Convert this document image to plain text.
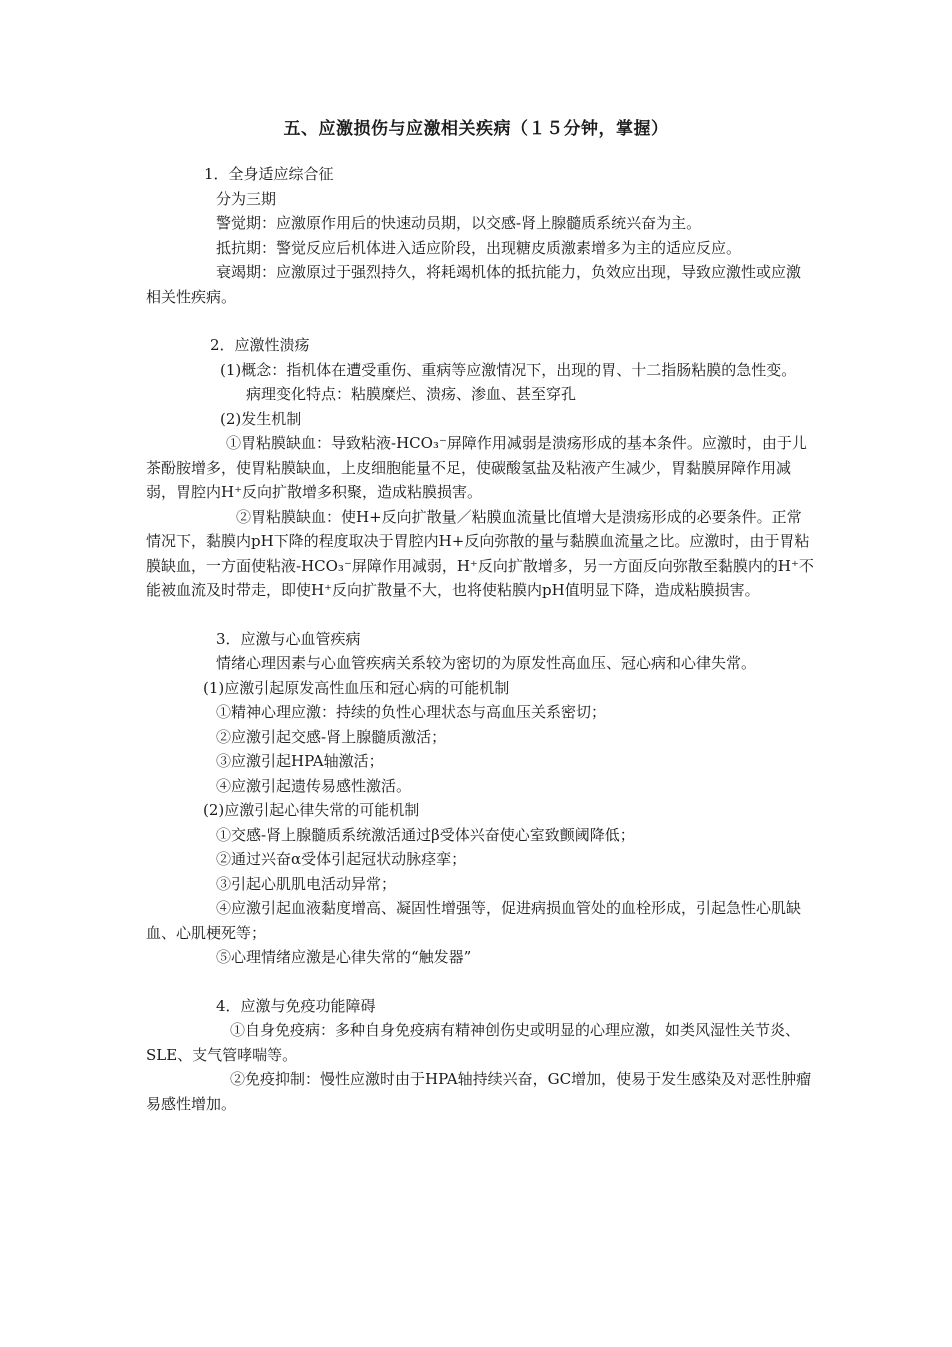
五、应激损伤与应激相关疾病（１５分钟，掌握）

1．全身适应综合征

分为三期

警觉期：应激原作用后的快速动员期，以交感-肾上腺髓质系统兴奋为主。

抵抗期：警觉反应后机体进入适应阶段，出现糖皮质激素增多为主的适应反应。

衰竭期：应激原过于强烈持久，将耗竭机体的抵抗能力，负效应出现，导致应激性或应激相关性疾病。

2．应激性溃疡

(1)概念：指机体在遭受重伤、重病等应激情况下，出现的胃、十二指肠粘膜的急性变。

病理变化特点：粘膜糜烂、溃疡、渗血、甚至穿孔

(2)发生机制

①胃粘膜缺血：导致粘液-HCO₃⁻屏障作用减弱是溃疡形成的基本条件。应激时，由于儿茶酚胺增多，使胃粘膜缺血，上皮细胞能量不足，使碳酸氢盐及粘液产生减少，胃黏膜屏障作用减弱，胃腔内H⁺反向扩散增多积聚，造成粘膜损害。

②胃粘膜缺血：使H+反向扩散量／粘膜血流量比值增大是溃疡形成的必要条件。正常情况下，黏膜内pH下降的程度取决于胃腔内H+反向弥散的量与黏膜血流量之比。应激时，由于胃粘膜缺血，一方面使粘液-HCO₃⁻屏障作用减弱，H⁺反向扩散增多，另一方面反向弥散至黏膜内的H⁺不能被血流及时带走，即使H⁺反向扩散量不大，也将使粘膜内pH值明显下降，造成粘膜损害。

3．应激与心血管疾病

情绪心理因素与心血管疾病关系较为密切的为原发性高血压、冠心病和心律失常。

(1)应激引起原发高性血压和冠心病的可能机制

①精神心理应激：持续的负性心理状态与高血压关系密切；

②应激引起交感-肾上腺髓质激活；

③应激引起HPA轴激活；

④应激引起遗传易感性激活。

(2)应激引起心律失常的可能机制

①交感-肾上腺髓质系统激活通过β受体兴奋使心室致颤阈降低；

②通过兴奋α受体引起冠状动脉痉挛；

③引起心肌肌电活动异常；

④应激引起血液黏度增高、凝固性增强等，促进病损血管处的血栓形成，引起急性心肌缺血、心肌梗死等；

⑤心理情绪应激是心律失常的“触发器”

4．应激与免疫功能障碍

①自身免疫病：多种自身免疫病有精神创伤史或明显的心理应激，如类风湿性关节炎、SLE、支气管哮喘等。

②免疫抑制：慢性应激时由于HPA轴持续兴奋，GC增加，使易于发生感染及对恶性肿瘤易感性增加。
